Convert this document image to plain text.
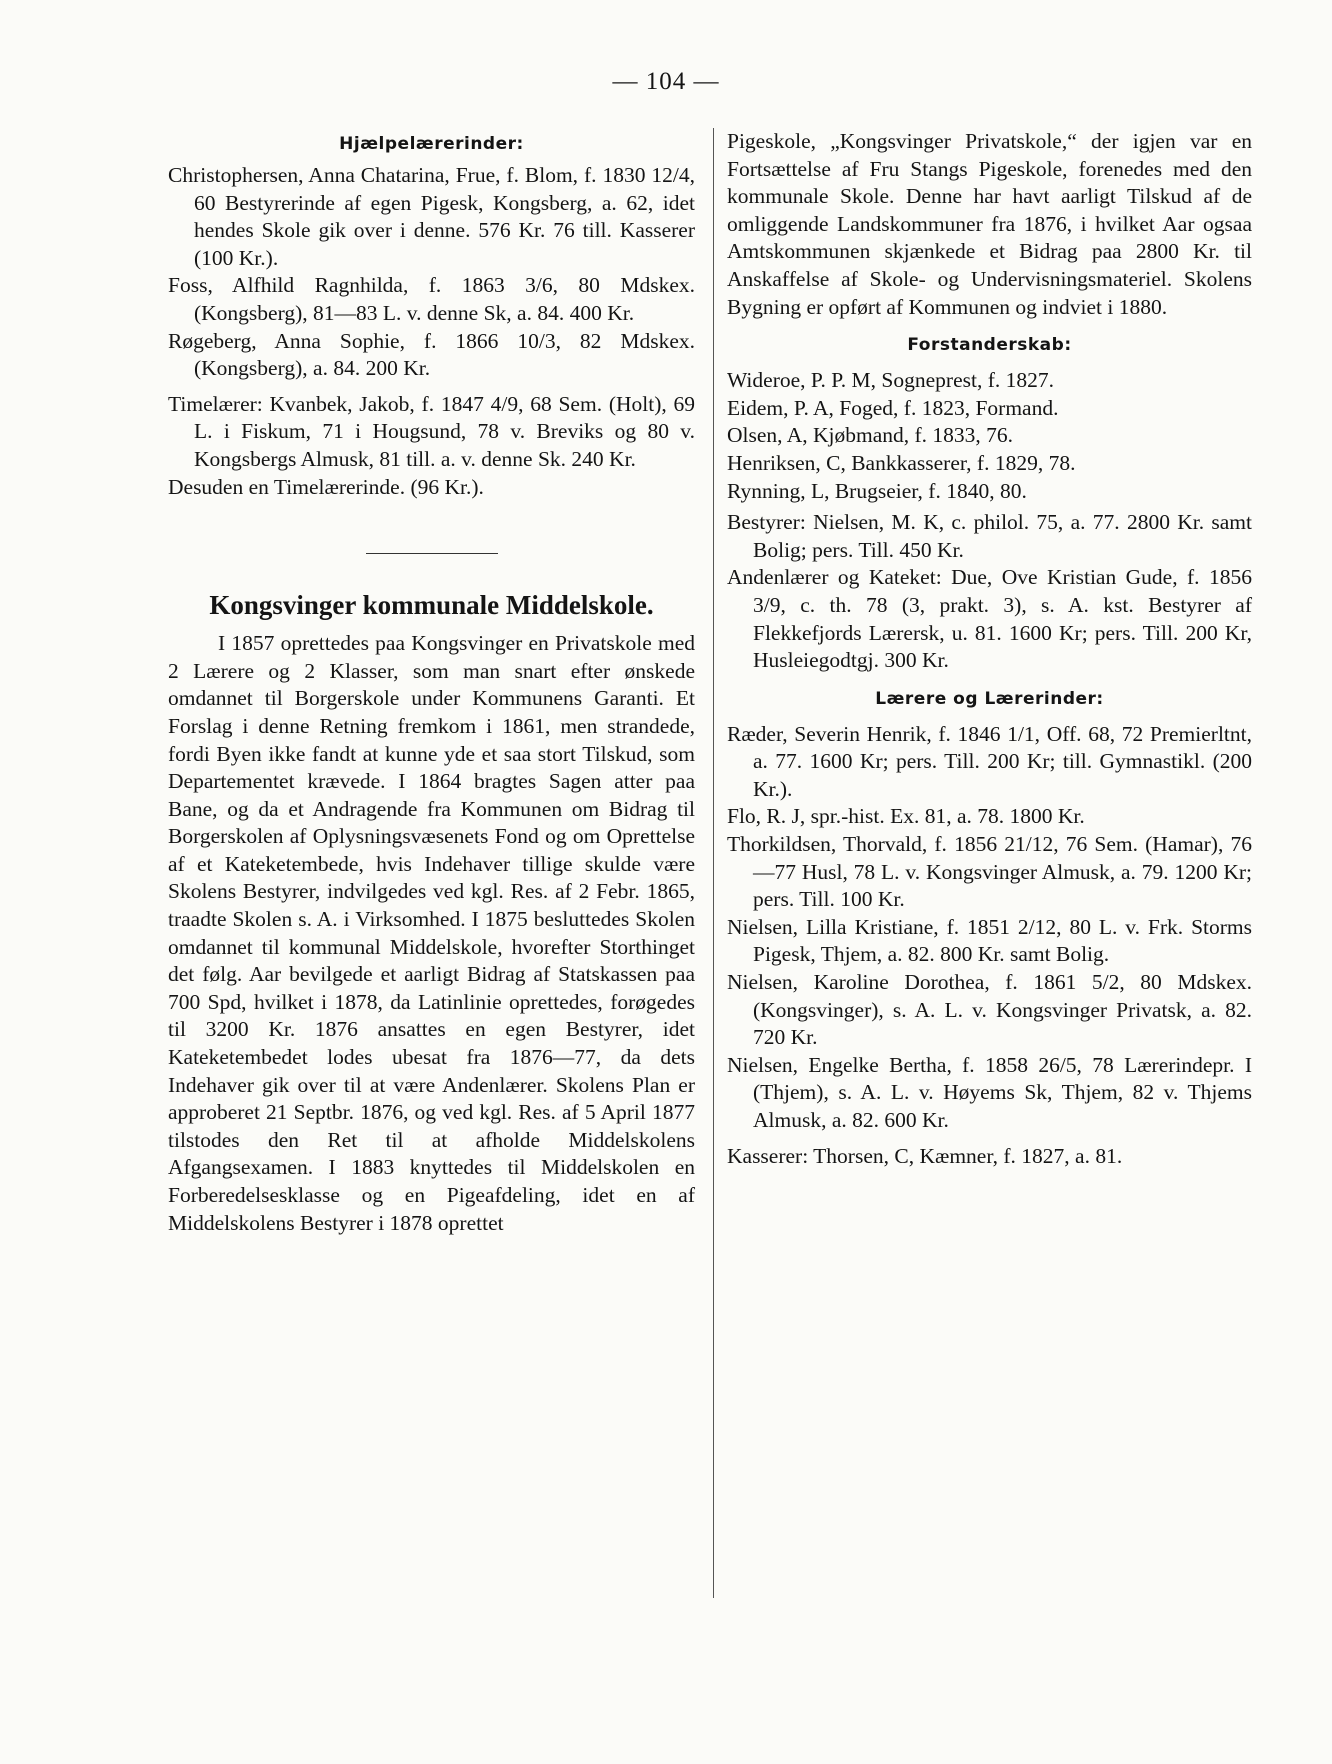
— 104 —
Hjælpelærerinder:
Christophersen, Anna Chatarina, Frue, f. Blom, f. 1830 12/4, 60 Bestyrerinde af egen Pigesk, Kongsberg, a. 62, idet hendes Skole gik over i denne. 576 Kr. 76 till. Kasserer (100 Kr.).
Foss, Alfhild Ragnhilda, f. 1863 3/6, 80 Mdskex. (Kongsberg), 81—83 L. v. denne Sk, a. 84. 400 Kr.
Røgeberg, Anna Sophie, f. 1866 10/3, 82 Mdskex. (Kongsberg), a. 84. 200 Kr.
Timelærer: Kvanbek, Jakob, f. 1847 4/9, 68 Sem. (Holt), 69 L. i Fiskum, 71 i Hougsund, 78 v. Breviks og 80 v. Kongsbergs Almusk, 81 till. a. v. denne Sk. 240 Kr.
Desuden en Timelærerinde. (96 Kr.).
Kongsvinger kommunale Middelskole.
I 1857 oprettedes paa Kongsvinger en Privatskole med 2 Lærere og 2 Klasser, som man snart efter ønskede omdannet til Borgerskole under Kommunens Garanti. Et Forslag i denne Retning fremkom i 1861, men strandede, fordi Byen ikke fandt at kunne yde et saa stort Tilskud, som Departementet krævede. I 1864 bragtes Sagen atter paa Bane, og da et Andragende fra Kommunen om Bidrag til Borgerskolen af Oplysningsvæsenets Fond og om Oprettelse af et Kateketembede, hvis Indehaver tillige skulde være Skolens Bestyrer, indvilgedes ved kgl. Res. af 2 Febr. 1865, traadte Skolen s. A. i Virksomhed. I 1875 besluttedes Skolen omdannet til kommunal Middelskole, hvorefter Storthinget det følg. Aar bevilgede et aarligt Bidrag af Statskassen paa 700 Spd, hvilket i 1878, da Latinlinie oprettedes, forøgedes til 3200 Kr. 1876 ansattes en egen Bestyrer, idet Kateketembedet lodes ubesat fra 1876—77, da dets Indehaver gik over til at være Andenlærer. Skolens Plan er approberet 21 Septbr. 1876, og ved kgl. Res. af 5 April 1877 tilstodes den Ret til at afholde Middelskolens Afgangsexamen. I 1883 knyttedes til Middelskolen en Forberedelsesklasse og en Pigeafdeling, idet en af Middelskolens Bestyrer i 1878 oprettet
Pigeskole, „Kongsvinger Privatskole,“ der igjen var en Fortsættelse af Fru Stangs Pigeskole, forenedes med den kommunale Skole. Denne har havt aarligt Tilskud af de omliggende Landskommuner fra 1876, i hvilket Aar ogsaa Amtskommunen skjænkede et Bidrag paa 2800 Kr. til Anskaffelse af Skole- og Undervisningsmateriel. Skolens Bygning er opført af Kommunen og indviet i 1880.
Forstanderskab:
Wideroe, P. P. M, Sogneprest, f. 1827.
Eidem, P. A, Foged, f. 1823, Formand.
Olsen, A, Kjøbmand, f. 1833, 76.
Henriksen, C, Bankkasserer, f. 1829, 78.
Rynning, L, Brugseier, f. 1840, 80.
Bestyrer: Nielsen, M. K, c. philol. 75, a. 77. 2800 Kr. samt Bolig; pers. Till. 450 Kr.
Andenlærer og Kateket: Due, Ove Kristian Gude, f. 1856 3/9, c. th. 78 (3, prakt. 3), s. A. kst. Bestyrer af Flekkefjords Lærersk, u. 81. 1600 Kr; pers. Till. 200 Kr, Husleiegodtgj. 300 Kr.
Lærere og Lærerinder:
Ræder, Severin Henrik, f. 1846 1/1, Off. 68, 72 Premierltnt, a. 77. 1600 Kr; pers. Till. 200 Kr; till. Gymnastikl. (200 Kr.).
Flo, R. J, spr.-hist. Ex. 81, a. 78. 1800 Kr.
Thorkildsen, Thorvald, f. 1856 21/12, 76 Sem. (Hamar), 76—77 Husl, 78 L. v. Kongsvinger Almusk, a. 79. 1200 Kr; pers. Till. 100 Kr.
Nielsen, Lilla Kristiane, f. 1851 2/12, 80 L. v. Frk. Storms Pigesk, Thjem, a. 82. 800 Kr. samt Bolig.
Nielsen, Karoline Dorothea, f. 1861 5/2, 80 Mdskex. (Kongsvinger), s. A. L. v. Kongsvinger Privatsk, a. 82. 720 Kr.
Nielsen, Engelke Bertha, f. 1858 26/5, 78 Lærerindepr. I (Thjem), s. A. L. v. Høyems Sk, Thjem, 82 v. Thjems Almusk, a. 82. 600 Kr.
Kasserer: Thorsen, C, Kæmner, f. 1827, a. 81.
